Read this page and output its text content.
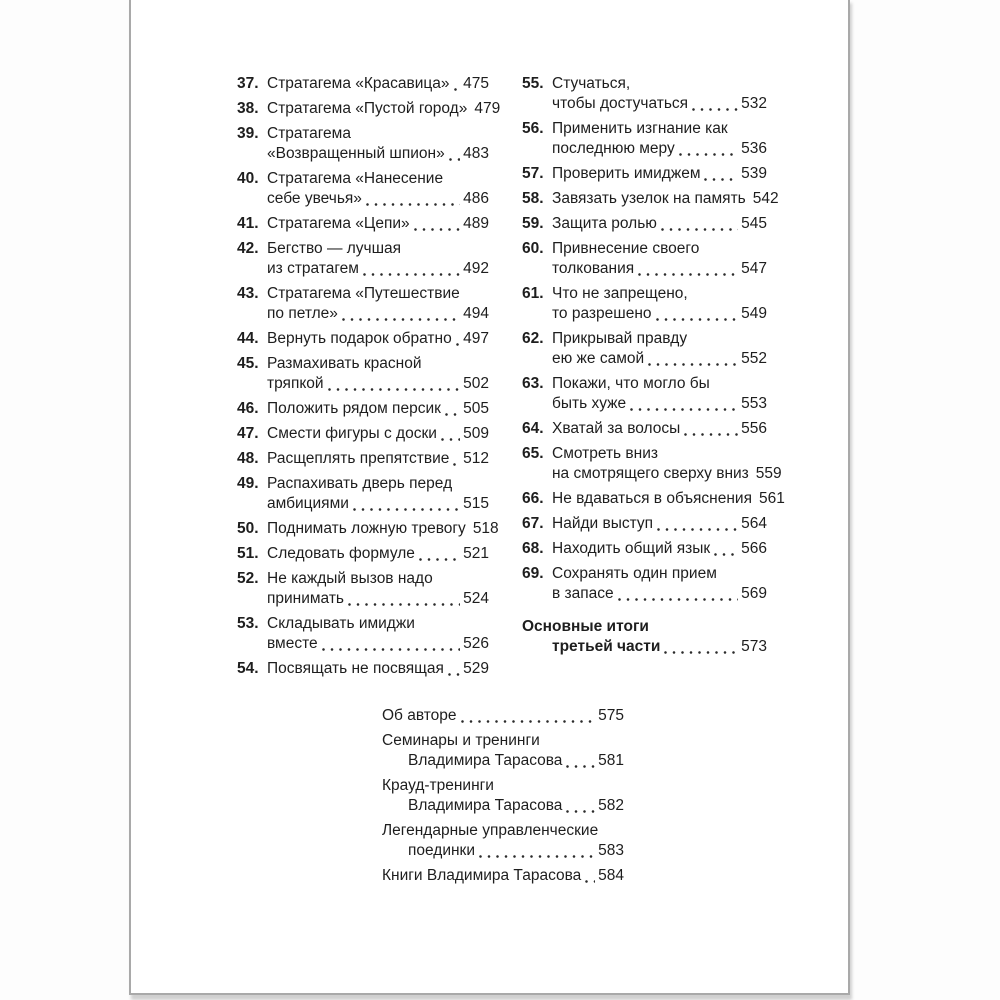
37. Стратагема «Красавица» 475
38. Стратагема «Пустой город» 479
39. Стратагема
«Возвращенный шпион» 483
40. Стратагема «Нанесение
себе увечья»	486
41. Стратагема «Цепи»	489
42. Бегство — лучшая
из стратагем	492
43. Стратагема «Путешествие
по петле»	494
44. Вернуть подарок обратно 497
45. Размахивать красной
тряпкой	502
46. Положить рядом персик 505
47. Смести фигуры с доски 509
48. Расщеплять препятствие 512
49. Распахивать дверь перед
амбициями	515
50. Поднимать ложную тревогу 518
51. Следовать формуле	521
52. Не каждый вызов надо
принимать	524
53. Складывать имиджи
вместе	526
54. Посвящать не посвящая 529
55. Стучаться,
чтобы достучаться	532
56. Применить изгнание как
последнюю меру	536
57. Проверить имиджем	539
58. Завязать узелок на память 542
59. Защита ролью	545
60. Привнесение своего
толкования	547
61. Что не запрещено,
то разрешено	549
62. Прикрывай правду
ею же самой	552
63. Покажи, что могло бы
быть хуже	553
64. Хватай за волосы	556
65. Смотреть вниз
на смотрящего сверху вниз 559
66. Не вдаваться в объяснения 561
67. Найди выступ	564
68. Находить общий язык 566
69. Сохранять один прием
в запасе	569
Основные итоги
третьей части	573
Об авторе	575
Семинары и тренинги
Владимира Тарасова 581
Крауд-тренинги
Владимира Тарасова 582
Легендарные управленческие
поединки	583
Книги Владимира Тарасова 584
